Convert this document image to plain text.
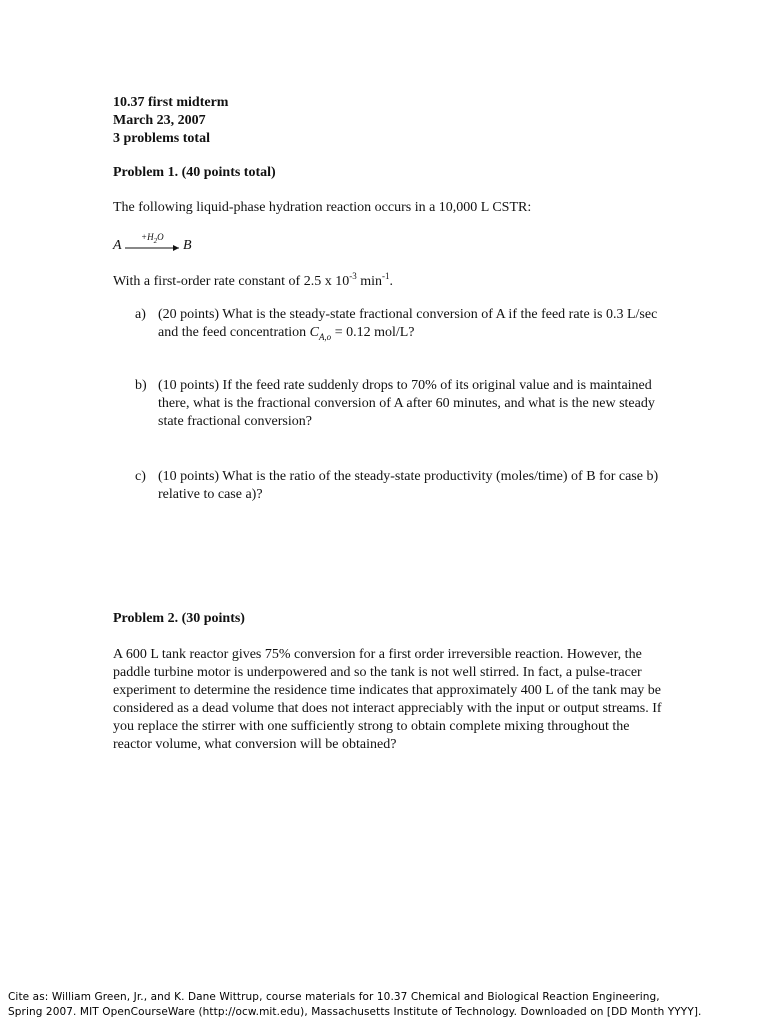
10.37 first midterm
March 23, 2007
3 problems total
Problem 1. (40 points total)
The following liquid-phase hydration reaction occurs in a 10,000 L CSTR:
A
$+H_2O$
B
With a first-order rate constant of 2.5 x $10^{-3}$ $\min^{-1}$.
a) (20 points) What is the steady-state fractional conversion of A if the feed rate is 0.3 L/sec and the feed concentration $C_{A,o} = 0.12$ mol/L?
b) (10 points) If the feed rate suddenly drops to 70% of its original value and is maintained there, what is the fractional conversion of A after 60 minutes, and what is the new steady state fractional conversion?
c) (10 points) What is the ratio of the steady-state productivity (moles/time) of B for case b) relative to case a)?
Problem 2. (30 points)
A 600 L tank reactor gives 75% conversion for a first order irreversible reaction. However, the paddle turbine motor is underpowered and so the tank is not well stirred. In fact, a pulse-tracer experiment to determine the residence time indicates that approximately 400 L of the tank may be considered as a dead volume that does not interact appreciably with the input or output streams. If you replace the stirrer with one sufficiently strong to obtain complete mixing throughout the reactor volume, what conversion will be obtained?
Cite as: William Green, Jr., and K. Dane Wittrup, course materials for 10.37 Chemical and Biological Reaction Engineering,
Spring 2007. MIT OpenCourseWare (http://ocw.mit.edu), Massachusetts Institute of Technology. Downloaded on [DD Month YYYY].
